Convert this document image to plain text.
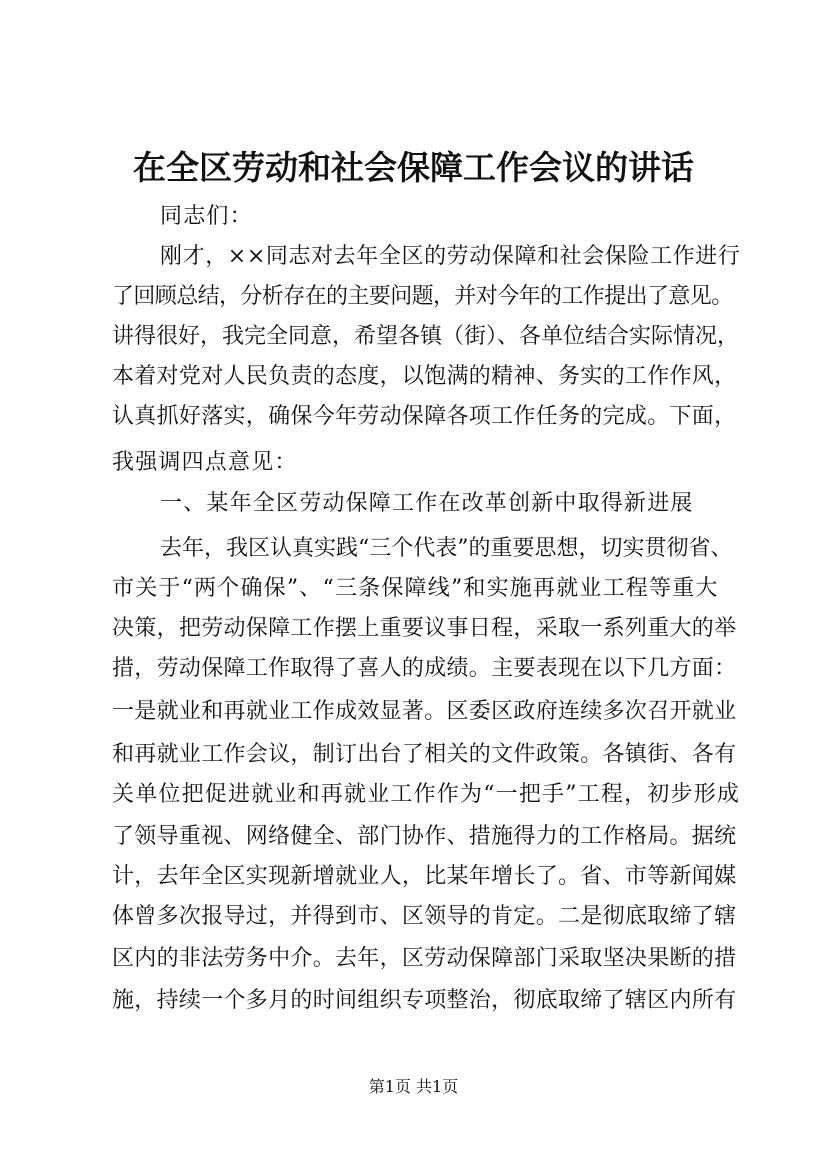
在全区劳动和社会保障工作会议的讲话
同志们：
刚才，××同志对去年全区的劳动保障和社会保险工作进行
了回顾总结，分析存在的主要问题，并对今年的工作提出了意见。
讲得很好，我完全同意，希望各镇（街）、各单位结合实际情况，
本着对党对人民负责的态度，以饱满的精神、务实的工作作风，
认真抓好落实，确保今年劳动保障各项工作任务的完成。下面，
我强调四点意见：
一、某年全区劳动保障工作在改革创新中取得新进展
去年，我区认真实践“三个代表”的重要思想，切实贯彻省、
市关于“两个确保”、“三条保障线”和实施再就业工程等重大
决策，把劳动保障工作摆上重要议事日程，采取一系列重大的举
措，劳动保障工作取得了喜人的成绩。主要表现在以下几方面：
一是就业和再就业工作成效显著。区委区政府连续多次召开就业
和再就业工作会议，制订出台了相关的文件政策。各镇街、各有
关单位把促进就业和再就业工作作为“一把手”工程，初步形成
了领导重视、网络健全、部门协作、措施得力的工作格局。据统
计，去年全区实现新增就业人，比某年增长了。省、市等新闻媒
体曾多次报导过，并得到市、区领导的肯定。二是彻底取缔了辖
区内的非法劳务中介。去年，区劳动保障部门采取坚决果断的措
施，持续一个多月的时间组织专项整治，彻底取缔了辖区内所有
第1页 共1页
